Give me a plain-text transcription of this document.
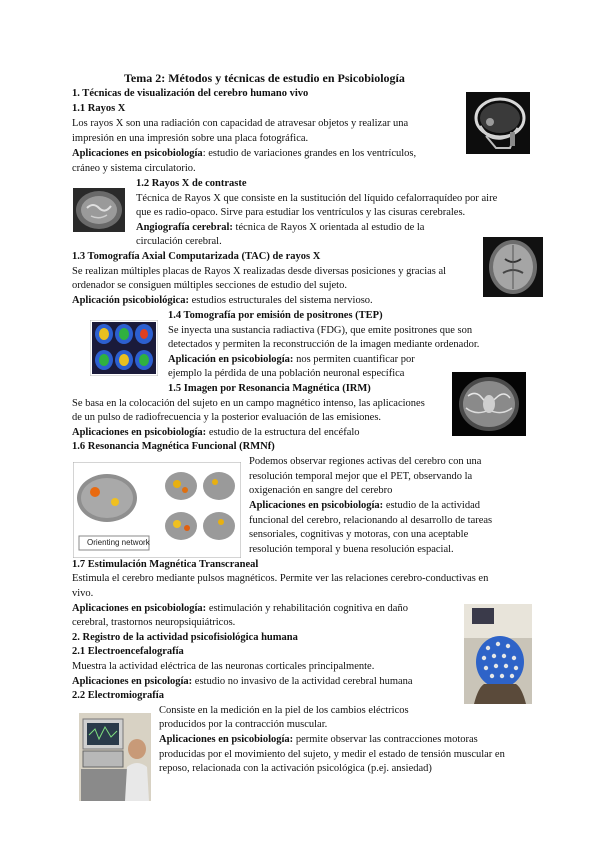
Tema 2: Métodos y técnicas de estudio en Psicobiología
1. Técnicas de visualización del cerebro humano vivo
1.1 Rayos X
Los rayos X son una radiación con capacidad de atravesar objetos y realizar una
impresión en una impresión sobre una placa fotográfica.
Aplicaciones en psicobiología: estudio de variaciones grandes en los ventrículos,
cráneo y sistema circulatorio.
1.2 Rayos X de contraste
Técnica de Rayos X que consiste en la sustitución del líquido cefalorraquídeo por aire
que es radio-opaco. Sirve para estudiar los ventrículos y las cisuras cerebrales.
Angiografía cerebral: técnica de Rayos X orientada al estudio de la
circulación cerebral.
1.3 Tomografía Axial Computarizada (TAC) de rayos X
Se realizan múltiples placas de Rayos X realizadas desde diversas posiciones y gracias al
ordenador se consiguen múltiples secciones de estudio del sujeto.
Aplicación psicobiológica: estudios estructurales del sistema nervioso.
1.4 Tomografía por emisión de positrones (TEP)
Se inyecta una sustancia radiactiva (FDG), que emite positrones que son
detectados y permiten la reconstrucción de la imagen mediante ordenador.
Aplicación en psicobiología: nos permiten cuantificar por
ejemplo la pérdida de una población neuronal específica
1.5 Imagen por Resonancia Magnética (IRM)
Se basa en la colocación del sujeto en un campo magnético intenso, las aplicaciones
de un pulso de radiofrecuencia y la posterior evaluación de las emisiones.
Aplicaciones en psicobiología: estudio de la estructura del encéfalo
1.6 Resonancia Magnética Funcional (RMNf)
Podemos observar regiones activas del cerebro con una
resolución temporal mejor que el PET, observando la
oxigenación en sangre del cerebro
Aplicaciones en psicobiología: estudio de la actividad
funcional del cerebro, relacionando al desarrollo de tareas
sensoriales, cognitivas y motoras, con una aceptable
resolución temporal y buena resolución espacial.
1.7 Estimulación Magnética Transcraneal
Estimula el cerebro mediante pulsos magnéticos. Permite ver las relaciones cerebro-conductivas en
vivo.
Aplicaciones en psicobiología: estimulación y rehabilitación cognitiva en daño
cerebral, trastornos neuropsiquiátricos.
2. Registro de la actividad psicofisiológica humana
2.1 Electroencefalografía
Muestra la actividad eléctrica de las neuronas corticales principalmente.
Aplicaciones en psicología: estudio no invasivo de la actividad cerebral humana
2.2 Electromiografía
Consiste en la medición en la piel de los cambios eléctricos
producidos por la contracción muscular.
Aplicaciones en psicobiología: permite observar las contracciones motoras
producidas por el movimiento del sujeto, y medir el estado de tensión muscular en
reposo, relacionada con la activación psicológica (p.ej. ansiedad)
Orienting network
